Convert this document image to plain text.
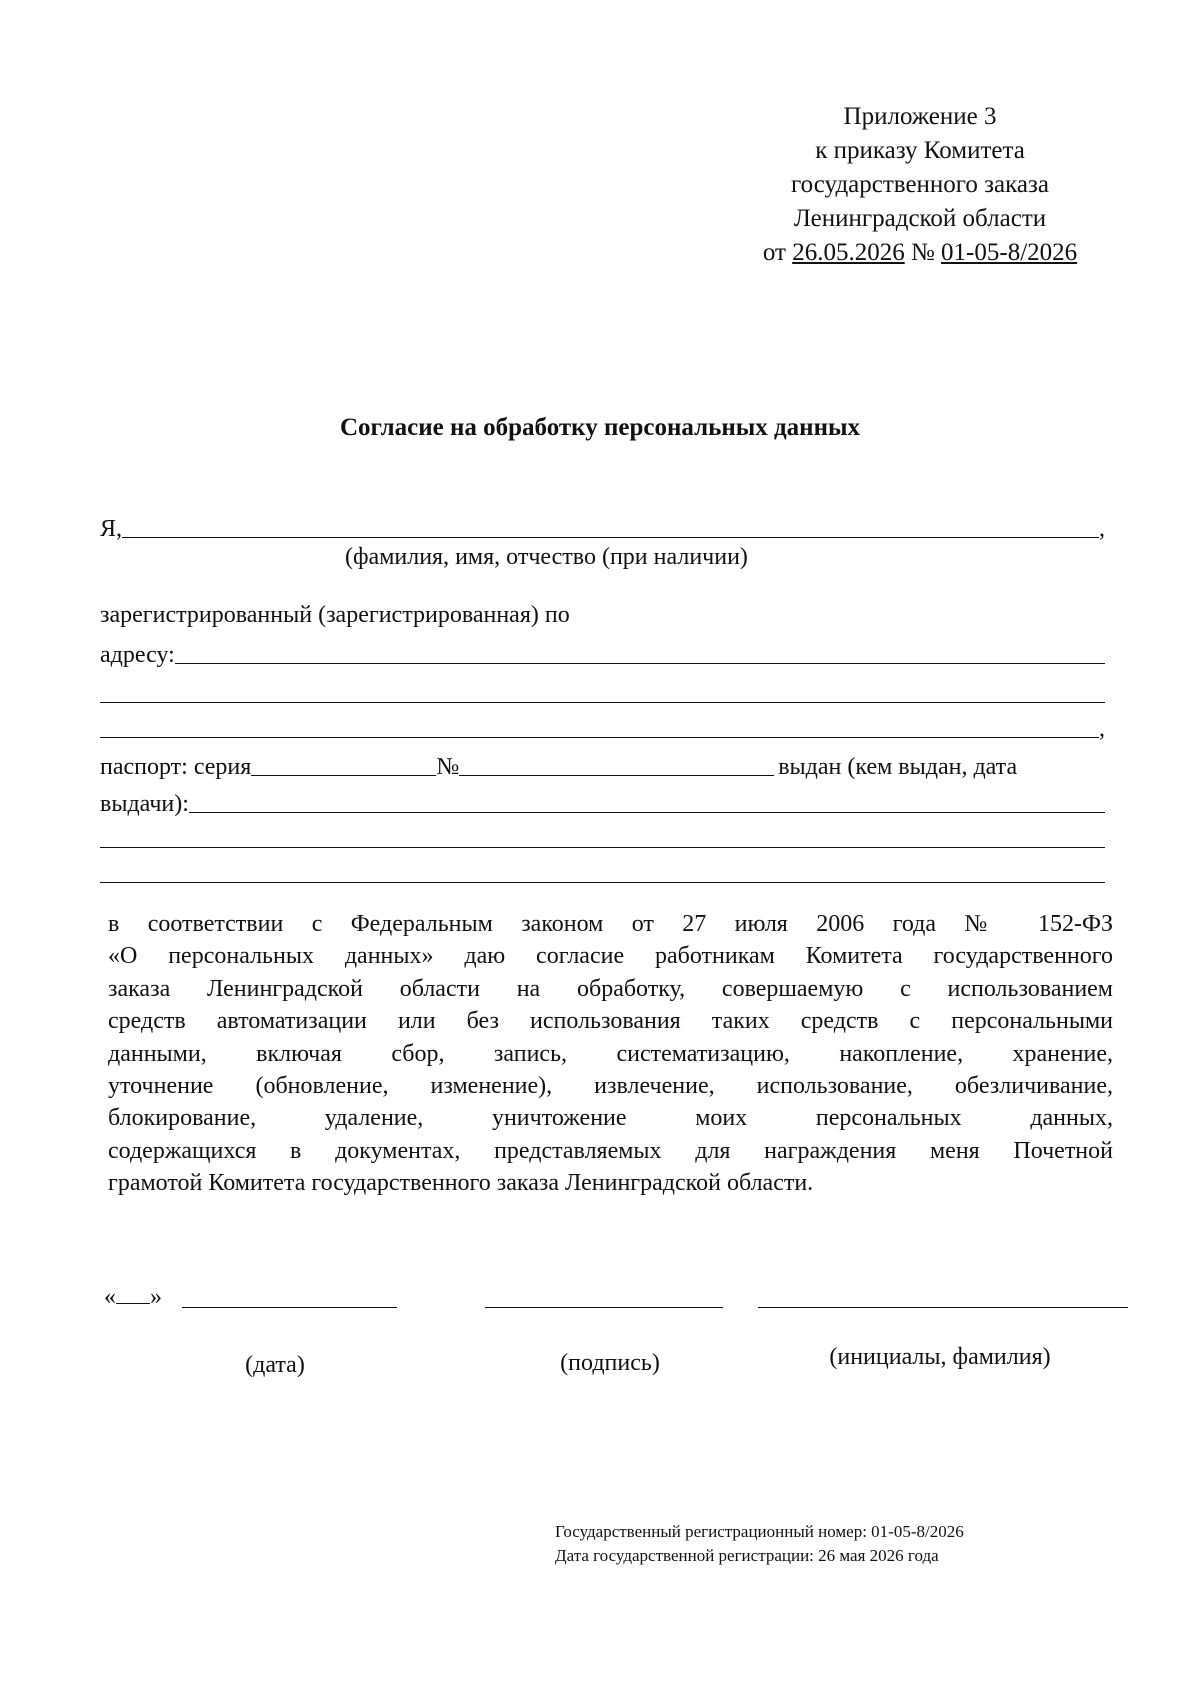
Приложение 3
к приказу Комитета
государственного заказа
Ленинградской области
от 26.05.2026 № 01-05-8/2026
Согласие на обработку персональных данных
Я,	,
(фамилия, имя, отчество (при наличии)
зарегистрированный (зарегистрированная) по
адресу:
,
паспорт: серия	№	выдан (кем выдан, дата
выдачи):
в соответствии с Федеральным законом от 27 июля 2006 года № 152-ФЗ
«О персональных данных» даю согласие работникам Комитета государственного
заказа Ленинградской области на обработку, совершаемую с использованием
средств автоматизации или без использования таких средств с персональными
данными, включая сбор, запись, систематизацию, накопление, хранение,
уточнение (обновление, изменение), извлечение, использование, обезличивание,
блокирование, удаление, уничтожение моих персональных данных,
содержащихся в документах, представляемых для награждения меня Почетной
грамотой Комитета государственного заказа Ленинградской области.
« »
(дата)	(подпись)	(инициалы, фамилия)
Государственный регистрационный номер: 01-05-8/2026
Дата государственной регистрации: 26 мая 2026 года
